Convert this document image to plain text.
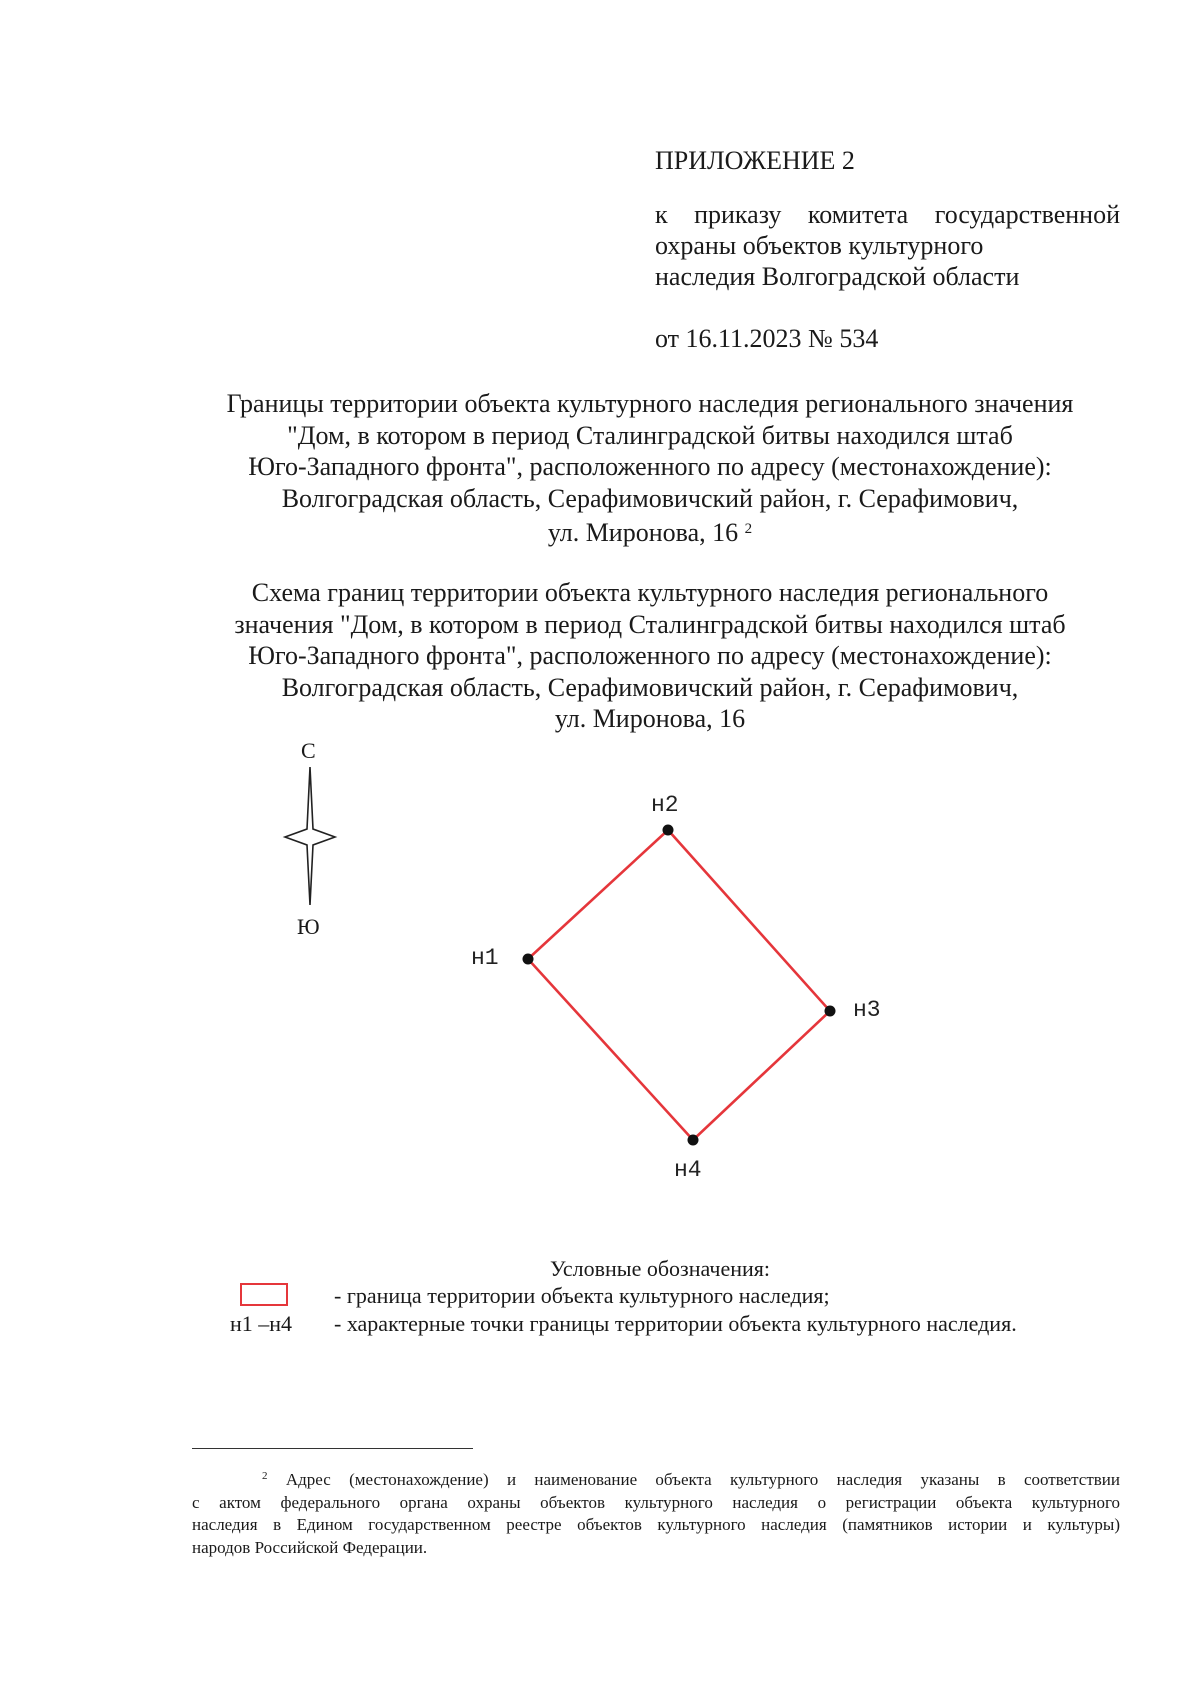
ПРИЛОЖЕНИЕ 2
к приказу комитета государственной
охраны объектов культурного
наследия Волгоградской области
от 16.11.2023 № 534
Границы территории объекта культурного наследия регионального значения
"Дом, в котором в период Сталинградской битвы находился штаб
Юго-Западного фронта", расположенного по адресу (местонахождение):
Волгоградская область, Серафимовичский район, г. Серафимович,
ул. Миронова, 16 $^2$
Схема границ территории объекта культурного наследия регионального
значения "Дом, в котором в период Сталинградской битвы находился штаб
Юго-Западного фронта", расположенного по адресу (местонахождение):
Волгоградская область, Серафимовичский район, г. Серафимович,
ул. Миронова, 16
С
Ю
н1
н2
н3
н4
Условные обозначения:
- граница территории объекта культурного наследия;
н1 –н4 - характерные точки границы территории объекта культурного наследия.
$^2$ Адрес (местонахождение) и наименование объекта культурного наследия указаны в соответствии
с актом федерального органа охраны объектов культурного наследия о регистрации объекта культурного
наследия в Едином государственном реестре объектов культурного наследия (памятников истории и культуры)
народов Российской Федерации.
